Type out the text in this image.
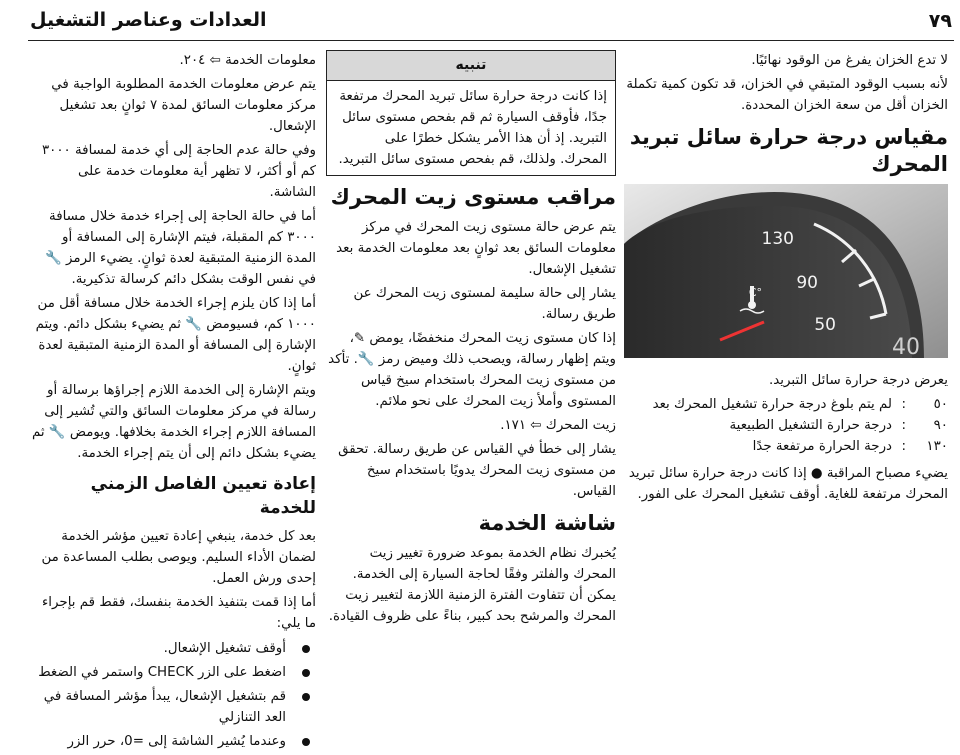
٧٩
العدادات وعناصر التشغيل

لا تدع الخزان يفرغ من الوقود نهائيًا.

لأنه بسبب الوقود المتبقي في الخزان، قد تكون كمية تكملة الخزان أقل من سعة الخزان المحددة.

مقياس درجة حرارة سائل تبريد المحرك
130
90
50
°C
40

يعرض درجة حرارة سائل التبريد.

٥٠
:
لم يتم بلوغ درجة حرارة تشغيل المحرك بعد
٩٠
:
درجة حرارة التشغيل الطبيعية
١٣٠
:
درجة الحرارة مرتفعة جدًا

يضيء مصباح المراقبة ● إذا كانت درجة حرارة سائل تبريد المحرك مرتفعة للغاية. أوقف تشغيل المحرك على الفور.

تنبيه
إذا كانت درجة حرارة سائل تبريد المحرك مرتفعة جدًا، فأوقف السيارة ثم قم بفحص مستوى سائل التبريد. إذ أن هذا الأمر يشكل خطرًا على المحرك. ولذلك، قم بفحص مستوى سائل التبريد.
مراقب مستوى زيت المحرك

يتم عرض حالة مستوى زيت المحرك في مركز معلومات السائق بعد ثوانٍ بعد معلومات الخدمة بعد تشغيل الإشعال.

يشار إلى حالة سليمة لمستوى زيت المحرك عن طريق رسالة.

إذا كان مستوى زيت المحرك منخفضًا، يومض ✎، ويتم إظهار رسالة، ويصحب ذلك وميض رمز 🔧. تأكد من مستوى زيت المحرك باستخدام سيخ قياس المستوى وأملأ زيت المحرك على نحو ملائم.

زيت المحرك ⇦ ١٧١.

يشار إلى خطأ في القياس عن طريق رسالة. تحقق من مستوى زيت المحرك يدويًا باستخدام سيخ القياس.

شاشة الخدمة

يُخبرك نظام الخدمة بموعد ضرورة تغيير زيت المحرك والفلتر وفقًا لحاجة السيارة إلى الخدمة. يمكن أن تتفاوت الفترة الزمنية اللازمة لتغيير زيت المحرك والمرشح بحد كبير، بناءً على ظروف القيادة.

معلومات الخدمة ⇦ ٢٠٤.

يتم عرض معلومات الخدمة المطلوبة الواجبة في مركز معلومات السائق لمدة ٧ ثوانٍ بعد تشغيل الإشعال.

وفي حالة عدم الحاجة إلى أي خدمة لمسافة ٣٠٠٠ كم أو أكثر، لا تظهر أية معلومات خدمة على الشاشة.

أما في حالة الحاجة إلى إجراء خدمة خلال مسافة ٣٠٠٠ كم المقبلة، فيتم الإشارة إلى المسافة أو المدة الزمنية المتبقية لعدة ثوانٍ. يضيء الرمز 🔧 في نفس الوقت بشكل دائم كرسالة تذكيرية.

أما إذا كان يلزم إجراء الخدمة خلال مسافة أقل من ١٠٠٠ كم، فسيومض 🔧 ثم يضيء بشكل دائم. ويتم الإشارة إلى المسافة أو المدة الزمنية المتبقية لعدة ثوانٍ.

ويتم الإشارة إلى الخدمة اللازم إجراؤها برسالة أو رسالة في مركز معلومات السائق والتي تُشير إلى المسافة اللازم إجراء الخدمة بخلافها. ويومض 🔧 ثم يضيء بشكل دائم إلى أن يتم إجراء الخدمة.

إعادة تعيين الفاصل الزمني للخدمة

بعد كل خدمة، ينبغي إعادة تعيين مؤشر الخدمة لضمان الأداء السليم. ويوصى بطلب المساعدة من إحدى ورش العمل.

أما إذا قمت بتنفيذ الخدمة بنفسك، فقط قم بإجراء ما يلي:

أوقف تشغيل الإشعال.
اضغط على الزر CHECK واستمر في الضغط
قم بتشغيل الإشعال، يبدأ مؤشر المسافة في العد التنازلي
وعندما يُشير الشاشة إلى =0، حرر الزر
